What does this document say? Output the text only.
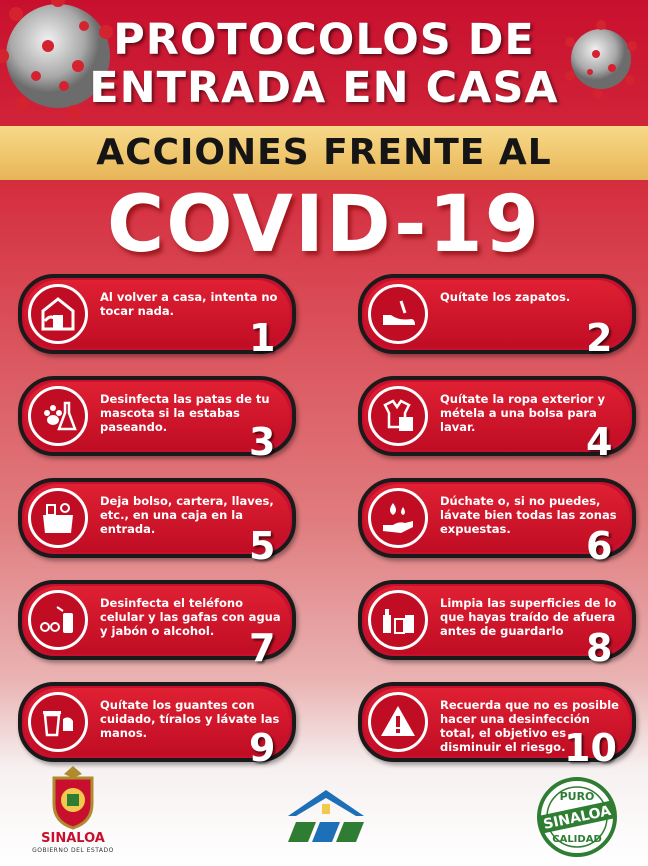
PROTOCOLOS DE
ENTRADA EN CASA
ACCIONES FRENTE AL
COVID-19
Al volver a casa, intenta no tocar nada.
1
Quítate los zapatos.
2
Desinfecta las patas de tu mascota si la estabas paseando.	3
Quítate la ropa exterior y métela a una bolsa para lavar.	4
Deja bolso, cartera, llaves, etc., en una caja en la entrada.	5
Dúchate o, si no puedes, lávate bien todas las zonas expuestas.	6
Desinfecta el teléfono celular y las gafas con agua y jabón o alcohol. 7
Limpia las superficies de lo que hayas traído de afuera antes de guardarlo 8
Quítate los guantes con cuidado, tíralos y lávate las manos.	9
Recuerda que no es posible hacer una desinfección total, el objetivo es disminuir el riesgo.
10
SINALOA
GOBIERNO DEL ESTADO
PURO
SINALOA
CALIDAD
